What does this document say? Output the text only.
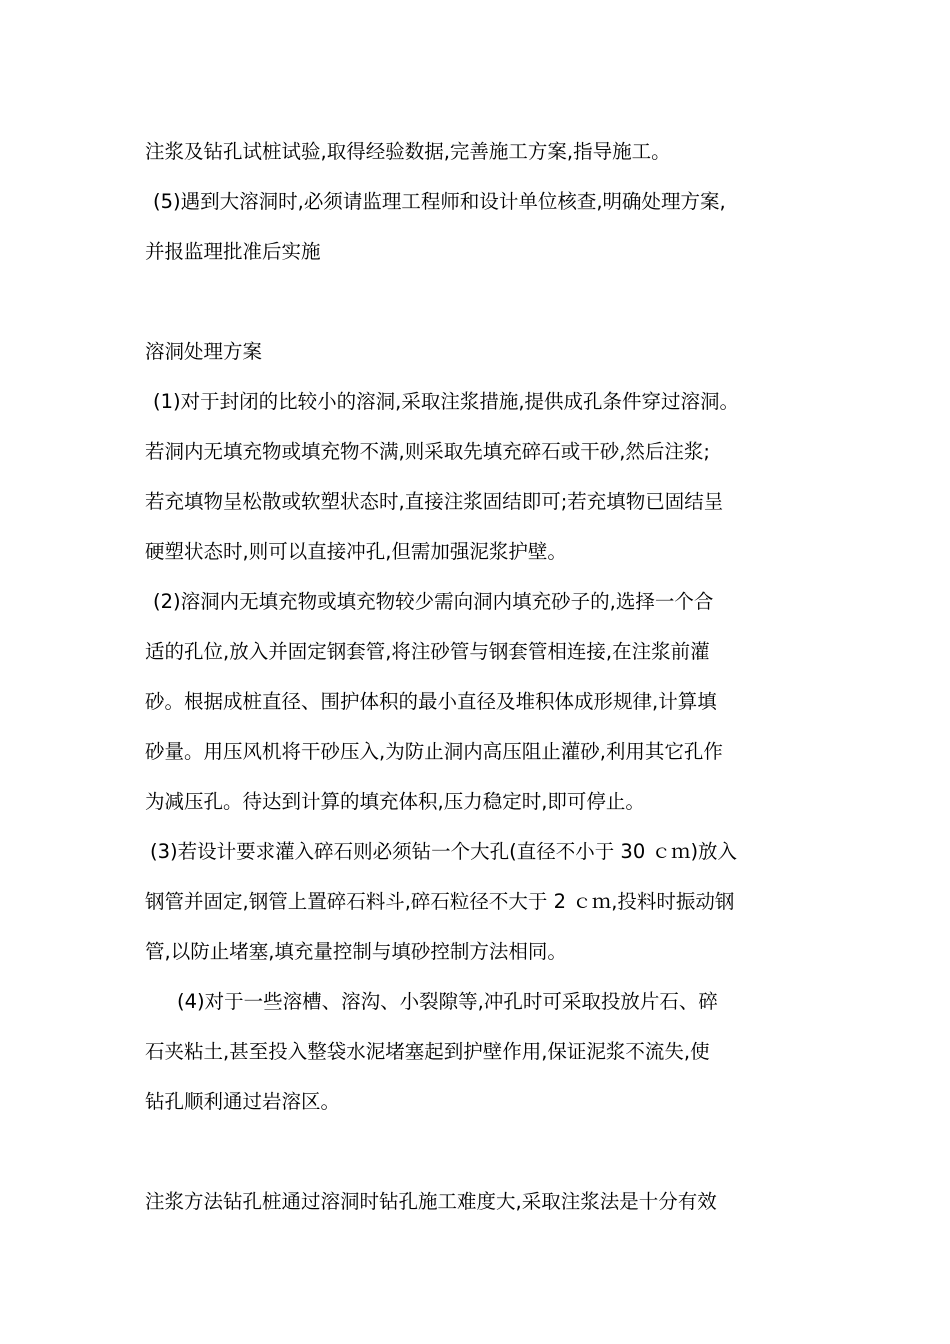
注浆及钻孔试桩试验,取得经验数据,完善施工方案,指导施工。
(5)遇到大溶洞时,必须请监理工程师和设计单位核查,明确处理方案,
并报监理批准后实施
溶洞处理方案
(1)对于封闭的比较小的溶洞,采取注浆措施,提供成孔条件穿过溶洞。
若洞内无填充物或填充物不满,则采取先填充碎石或干砂,然后注浆;
若充填物呈松散或软塑状态时,直接注浆固结即可;若充填物已固结呈
硬塑状态时,则可以直接冲孔,但需加强泥浆护壁。
(2)溶洞内无填充物或填充物较少需向洞内填充砂子的,选择一个合
适的孔位,放入并固定钢套管,将注砂管与钢套管相连接,在注浆前灌
砂。根据成桩直径、围护体积的最小直径及堆积体成形规律,计算填
砂量。用压风机将干砂压入,为防止洞内高压阻止灌砂,利用其它孔作
为减压孔。待达到计算的填充体积,压力稳定时,即可停止。
(3)若设计要求灌入碎石则必须钻一个大孔(直径不小于 30 ｃｍ)放入
钢管并固定,钢管上置碎石料斗,碎石粒径不大于 2 ｃｍ,投料时振动钢
管,以防止堵塞,填充量控制与填砂控制方法相同。
(4)对于一些溶槽、溶沟、小裂隙等,冲孔时可采取投放片石、碎
石夹粘土,甚至投入整袋水泥堵塞起到护壁作用,保证泥浆不流失,使
钻孔顺利通过岩溶区。
注浆方法钻孔桩通过溶洞时钻孔施工难度大,采取注浆法是十分有效
